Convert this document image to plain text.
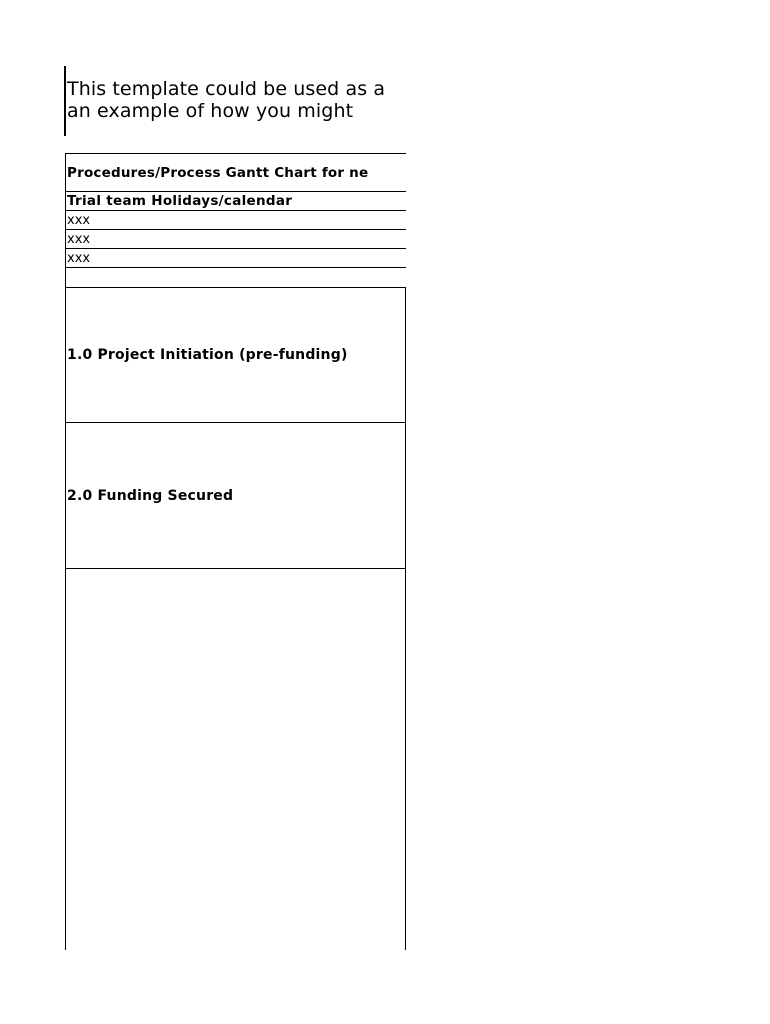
This template could be used as a
an example of how you might

Procedures/Process Gantt Chart for ne
Trial team Holidays/calendar
xxx
xxx
xxx
1.0 Project Initiation (pre-funding)
2.0 Funding Secured
